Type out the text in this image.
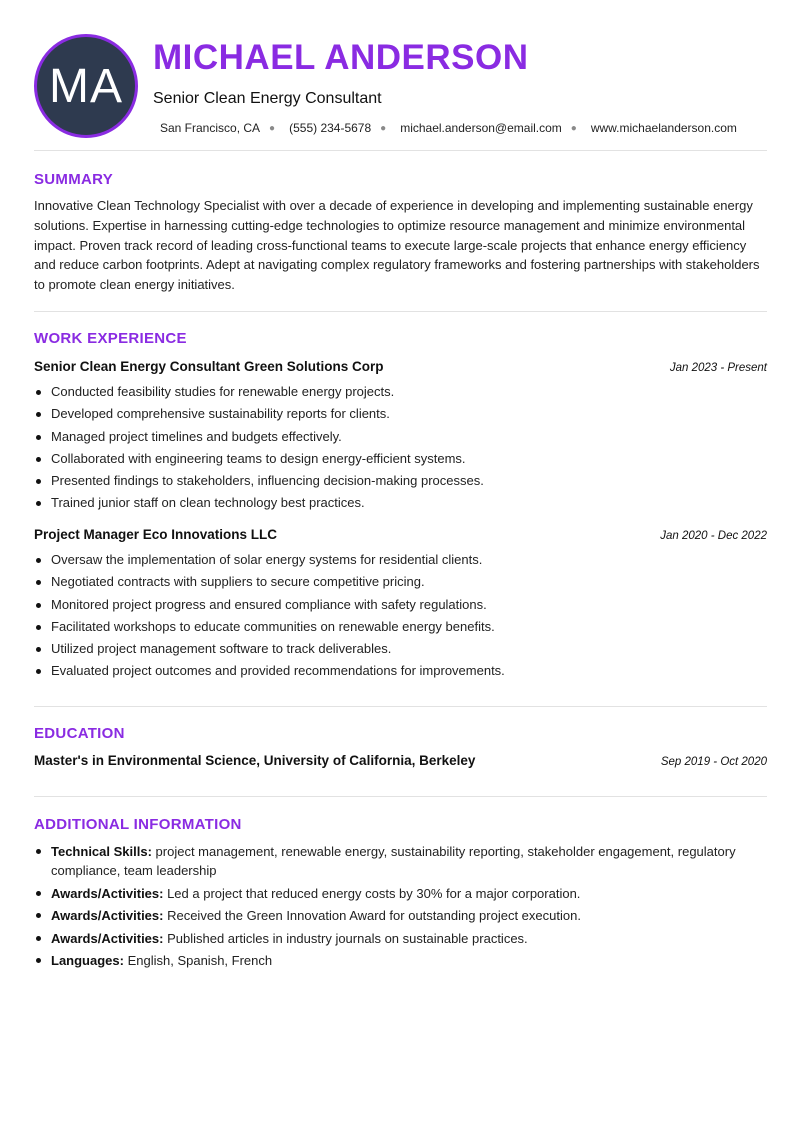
MA
MICHAEL ANDERSON
Senior Clean Energy Consultant
San Francisco, CA ● (555) 234-5678 ● michael.anderson@email.com ● www.michaelanderson.com
SUMMARY

Innovative Clean Technology Specialist with over a decade of experience in developing and implementing sustainable energy solutions. Expertise in harnessing cutting-edge technologies to optimize resource management and minimize environmental impact. Proven track record of leading cross-functional teams to execute large-scale projects that enhance energy efficiency and reduce carbon footprints. Adept at navigating complex regulatory frameworks and fostering partnerships with stakeholders to promote clean energy initiatives.

WORK EXPERIENCE
Senior Clean Energy Consultant Green Solutions Corp	Jan 2023 - Present
Conducted feasibility studies for renewable energy projects.
Developed comprehensive sustainability reports for clients.
Managed project timelines and budgets effectively.
Collaborated with engineering teams to design energy-efficient systems.
Presented findings to stakeholders, influencing decision-making processes.
Trained junior staff on clean technology best practices.
Project Manager Eco Innovations LLC	Jan 2020 - Dec 2022
Oversaw the implementation of solar energy systems for residential clients.
Negotiated contracts with suppliers to secure competitive pricing.
Monitored project progress and ensured compliance with safety regulations.
Facilitated workshops to educate communities on renewable energy benefits.
Utilized project management software to track deliverables.
Evaluated project outcomes and provided recommendations for improvements.
EDUCATION
Master's in Environmental Science, University of California, Berkeley	Sep 2019 - Oct 2020
ADDITIONAL INFORMATION
Technical Skills: project management, renewable energy, sustainability reporting, stakeholder engagement, regulatory compliance, team leadership
Awards/Activities: Led a project that reduced energy costs by 30% for a major corporation.
Awards/Activities: Received the Green Innovation Award for outstanding project execution.
Awards/Activities: Published articles in industry journals on sustainable practices.
Languages: English, Spanish, French
